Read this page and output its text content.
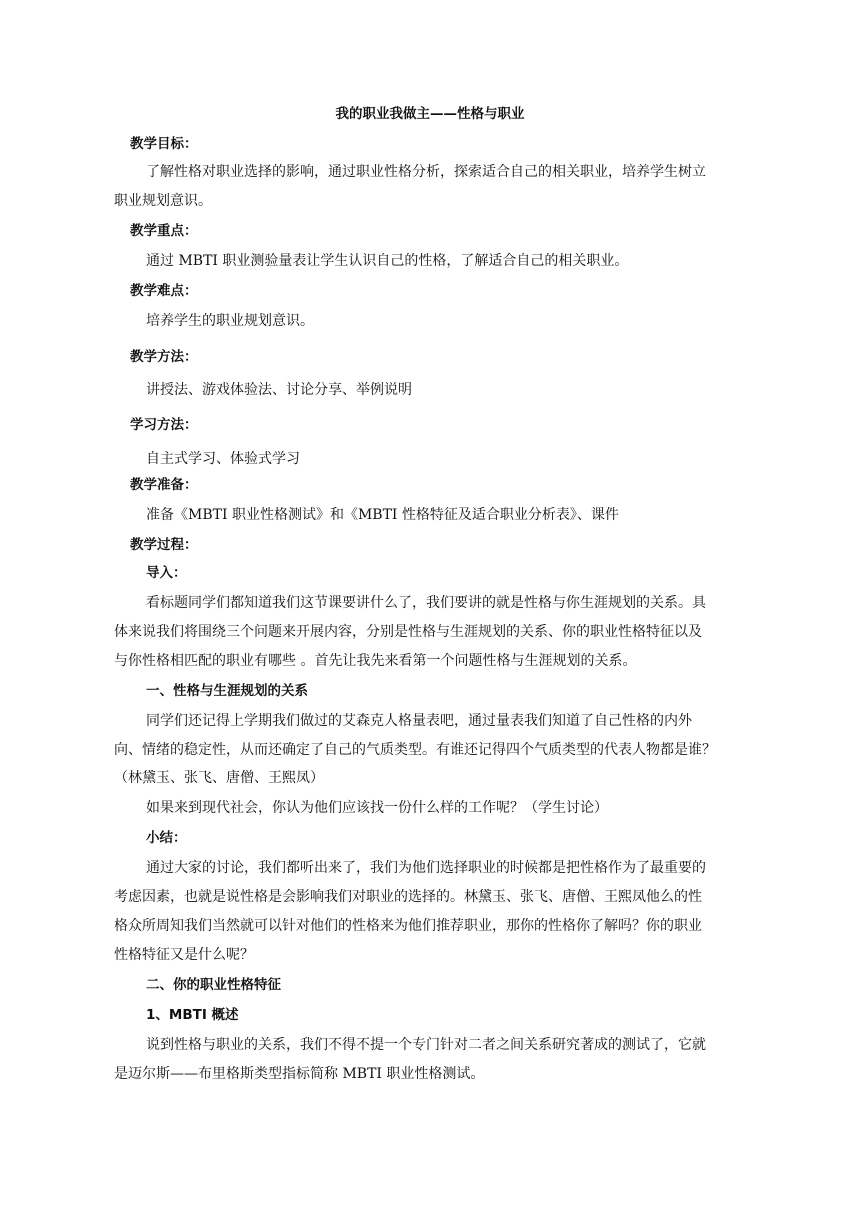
我的职业我做主——性格与职业

教学目标：

了解性格对职业选择的影响，通过职业性格分析，探索适合自己的相关职业，培养学生树立

职业规划意识。

教学重点：

通过 MBTI 职业测验量表让学生认识自己的性格，了解适合自己的相关职业。

教学难点：

培养学生的职业规划意识。

教学方法：

讲授法、游戏体验法、讨论分享、举例说明

学习方法：

自主式学习、体验式学习

教学准备：

准备《MBTI 职业性格测试》和《MBTI 性格特征及适合职业分析表》、课件

教学过程：

导入：

看标题同学们都知道我们这节课要讲什么了，我们要讲的就是性格与你生涯规划的关系。具

体来说我们将围绕三个问题来开展内容，分别是性格与生涯规划的关系、你的职业性格特征以及

与你性格相匹配的职业有哪些 。首先让我先来看第一个问题性格与生涯规划的关系。

一、性格与生涯规划的关系

同学们还记得上学期我们做过的艾森克人格量表吧，通过量表我们知道了自己性格的内外

向、情绪的稳定性，从而还确定了自己的气质类型。有谁还记得四个气质类型的代表人物都是谁？

（林黛玉、张飞、唐僧、王熙凤）

如果来到现代社会，你认为他们应该找一份什么样的工作呢？（学生讨论）

小结：

通过大家的讨论，我们都听出来了，我们为他们选择职业的时候都是把性格作为了最重要的

考虑因素，也就是说性格是会影响我们对职业的选择的。林黛玉、张飞、唐僧、王熙凤他么的性

格众所周知我们当然就可以针对他们的性格来为他们推荐职业，那你的性格你了解吗？你的职业

性格特征又是什么呢？

二、你的职业性格特征

1、MBTI 概述

说到性格与职业的关系，我们不得不提一个专门针对二者之间关系研究著成的测试了，它就

是迈尔斯——布里格斯类型指标简称 MBTI 职业性格测试。
